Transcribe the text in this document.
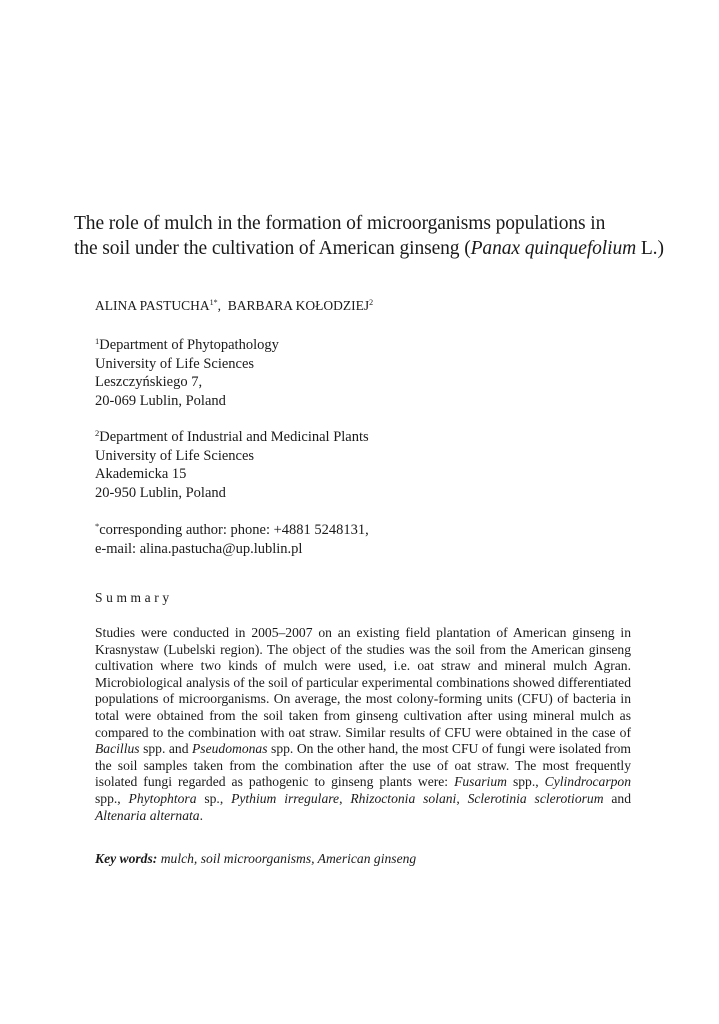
The role of mulch in the formation of microorganisms populations in
the soil under the cultivation of American ginseng (Panax quinquefolium L.)
ALINA $PASTUCHA^{1*}$, BARBARA KOŁODZIEJ$^2$
$^1$Department of Phytopathology
University of Life Sciences
Leszczyńskiego 7,
20-069 Lublin, Poland
$^2$Department of Industrial and Medicinal Plants
University of Life Sciences
Akademicka 15
20-950 Lublin, Poland
*corresponding author: phone: +4881 5248131,
e-mail: alina.pastucha@up.lublin.pl
Summary
Studies were conducted in 2005–2007 on an existing field plantation of American ginseng in Krasnystaw (Lubelski region). The object of the studies was the soil from the American ginseng cultivation where two kinds of mulch were used, i.e. oat straw and mineral mulch Agran. Microbiological analysis of the soil of particular experimental combinations showed differentiated populations of microorganisms. On average, the most colony-forming units (CFU) of bacteria in total were obtained from the soil taken from ginseng cultivation after using mineral mulch as compared to the combination with oat straw. Similar results of CFU were obtained in the case of Bacillus spp. and Pseudomonas spp. On the other hand, the most CFU of fungi were isolated from the soil samples taken from the combination after the use of oat straw. The most frequently isolated fungi regarded as pathogenic to ginseng plants were: Fusarium spp., Cylindrocarpon spp., Phytophtora sp., Pythium irregulare, Rhizoctonia solani, Sclerotinia sclerotiorum and Altenaria alternata.
Key words: mulch, soil microorganisms, American ginseng
